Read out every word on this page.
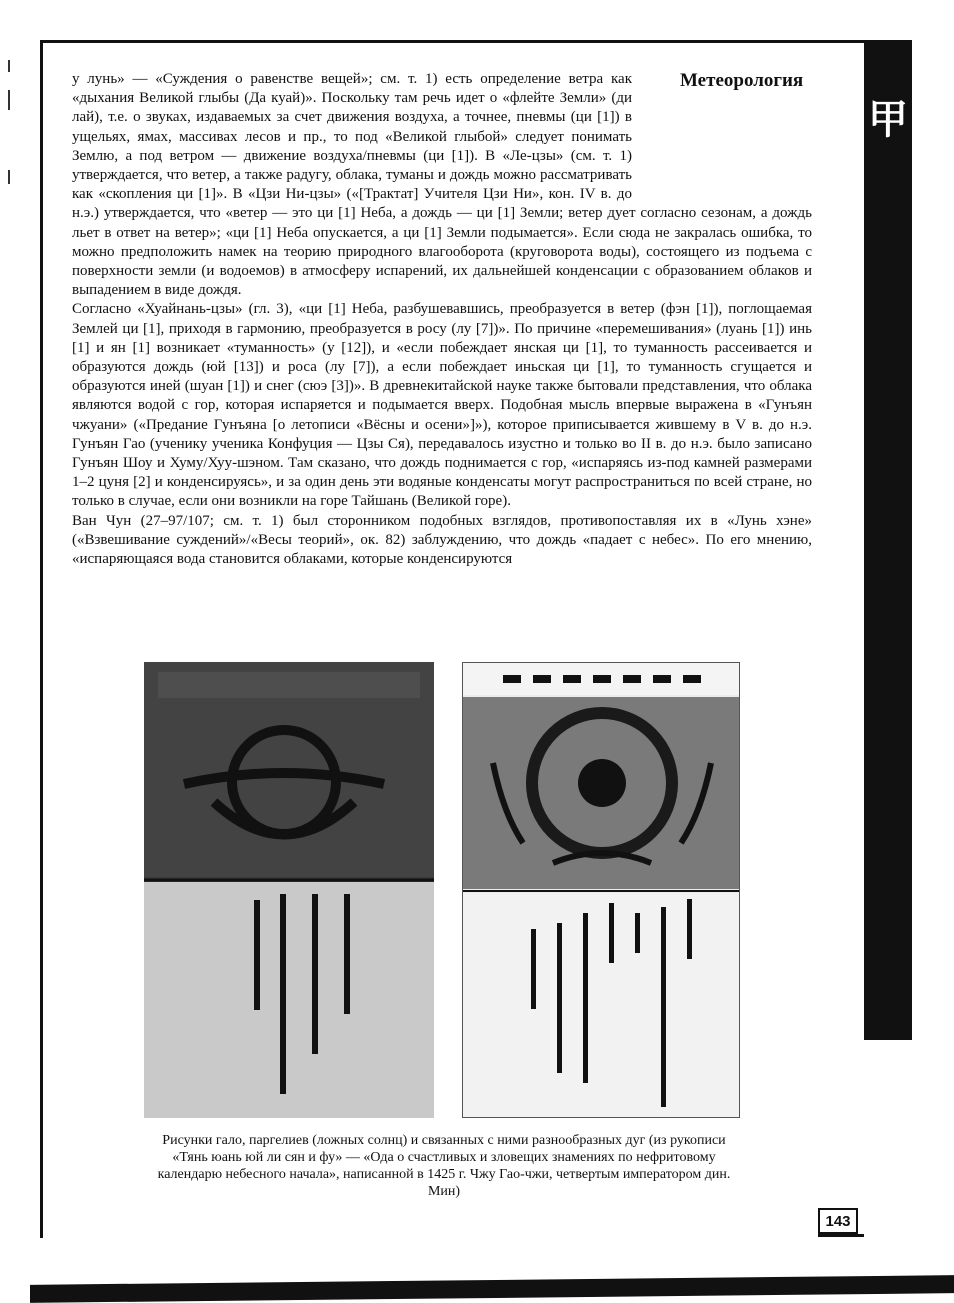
甲
Метеорология

у лунь» — «Суждения о равенстве вещей»; см. т. 1) есть определение ветра как «дыхания Великой глыбы (Да куай)». Поскольку там речь идет о «флейте Земли» (ди лай), т.е. о звуках, издаваемых за счет движения воздуха, а точнее, пневмы (ци [1]) в ущельях, ямах, массивах лесов и пр., то под «Великой глыбой» следует понимать Землю, а под ветром — движение воздуха/пневмы (ци [1]). В «Ле-цзы» (см. т. 1) утверждается, что ветер, а также радугу, облака, туманы и дождь можно рассматривать как «скопления ци [1]». В «Цзи Ни-цзы» («[Трактат] Учителя Цзи Ни», кон. IV в. до н.э.) утверждается, что «ветер — это ци [1] Неба, а дождь — ци [1] Земли; ветер дует согласно сезонам, а дождь льет в ответ на ветер»; «ци [1] Неба опускается, а ци [1] Земли подымается». Если сюда не закралась ошибка, то можно предположить намек на теорию природного влагооборота (круговорота воды), состоящего из подъема с поверхности земли (и водоемов) в атмосферу испарений, их дальнейшей конденсации с образованием облаков и выпадением в виде дождя.

Согласно «Хуайнань-цзы» (гл. 3), «ци [1] Неба, разбушевавшись, преобразуется в ветер (фэн [1]), поглощаемая Землей ци [1], приходя в гармонию, преобразуется в росу (лу [7])». По причине «перемешивания» (луань [1]) инь [1] и ян [1] возникает «туманность» (у [12]), и «если побеждает янская ци [1], то туманность рассеивается и образуются дождь (юй [13]) и роса (лу [7]), а если побеждает иньская ци [1], то туманность сгущается и образуются иней (шуан [1]) и снег (сюэ [3])». В древнекитайской науке также бытовали представления, что облака являются водой с гор, которая испаряется и подымается вверх. Подобная мысль впервые выражена в «Гунъян чжуани» («Предание Гунъяна [о летописи «Вёсны и осени»]»), которое приписывается жившему в V в. до н.э. Гунъян Гао (ученику ученика Конфуция — Цзы Ся), передавалось изустно и только во II в. до н.э. было записано Гунъян Шоу и Хуму/Хуу-шэном. Там сказано, что дождь поднимается с гор, «испаряясь из-под камней размерами 1–2 цуня [2] и конденсируясь», и за один день эти водяные конденсаты могут распространиться по всей стране, но только в случае, если они возникли на горе Тайшань (Великой горе).

Ван Чун (27–97/107; см. т. 1) был сторонником подобных взглядов, противопоставляя их в «Лунь хэне» («Взвешивание суждений»/«Весы теорий», ок. 82) заблуждению, что дождь «падает с небес». По его мнению, «испаряющаяся вода становится облаками, которые конденсируются

Рисунки гало, паргелиев (ложных солнц) и связанных с ними разнообразных дуг (из рукописи «Тянь юань юй ли сян и фу» — «Ода о счастливых и зловещих знамениях по нефритовому календарю небесного начала», написанной в 1425 г. Чжу Гао-чжи, четвертым императором дин. Мин)
143
